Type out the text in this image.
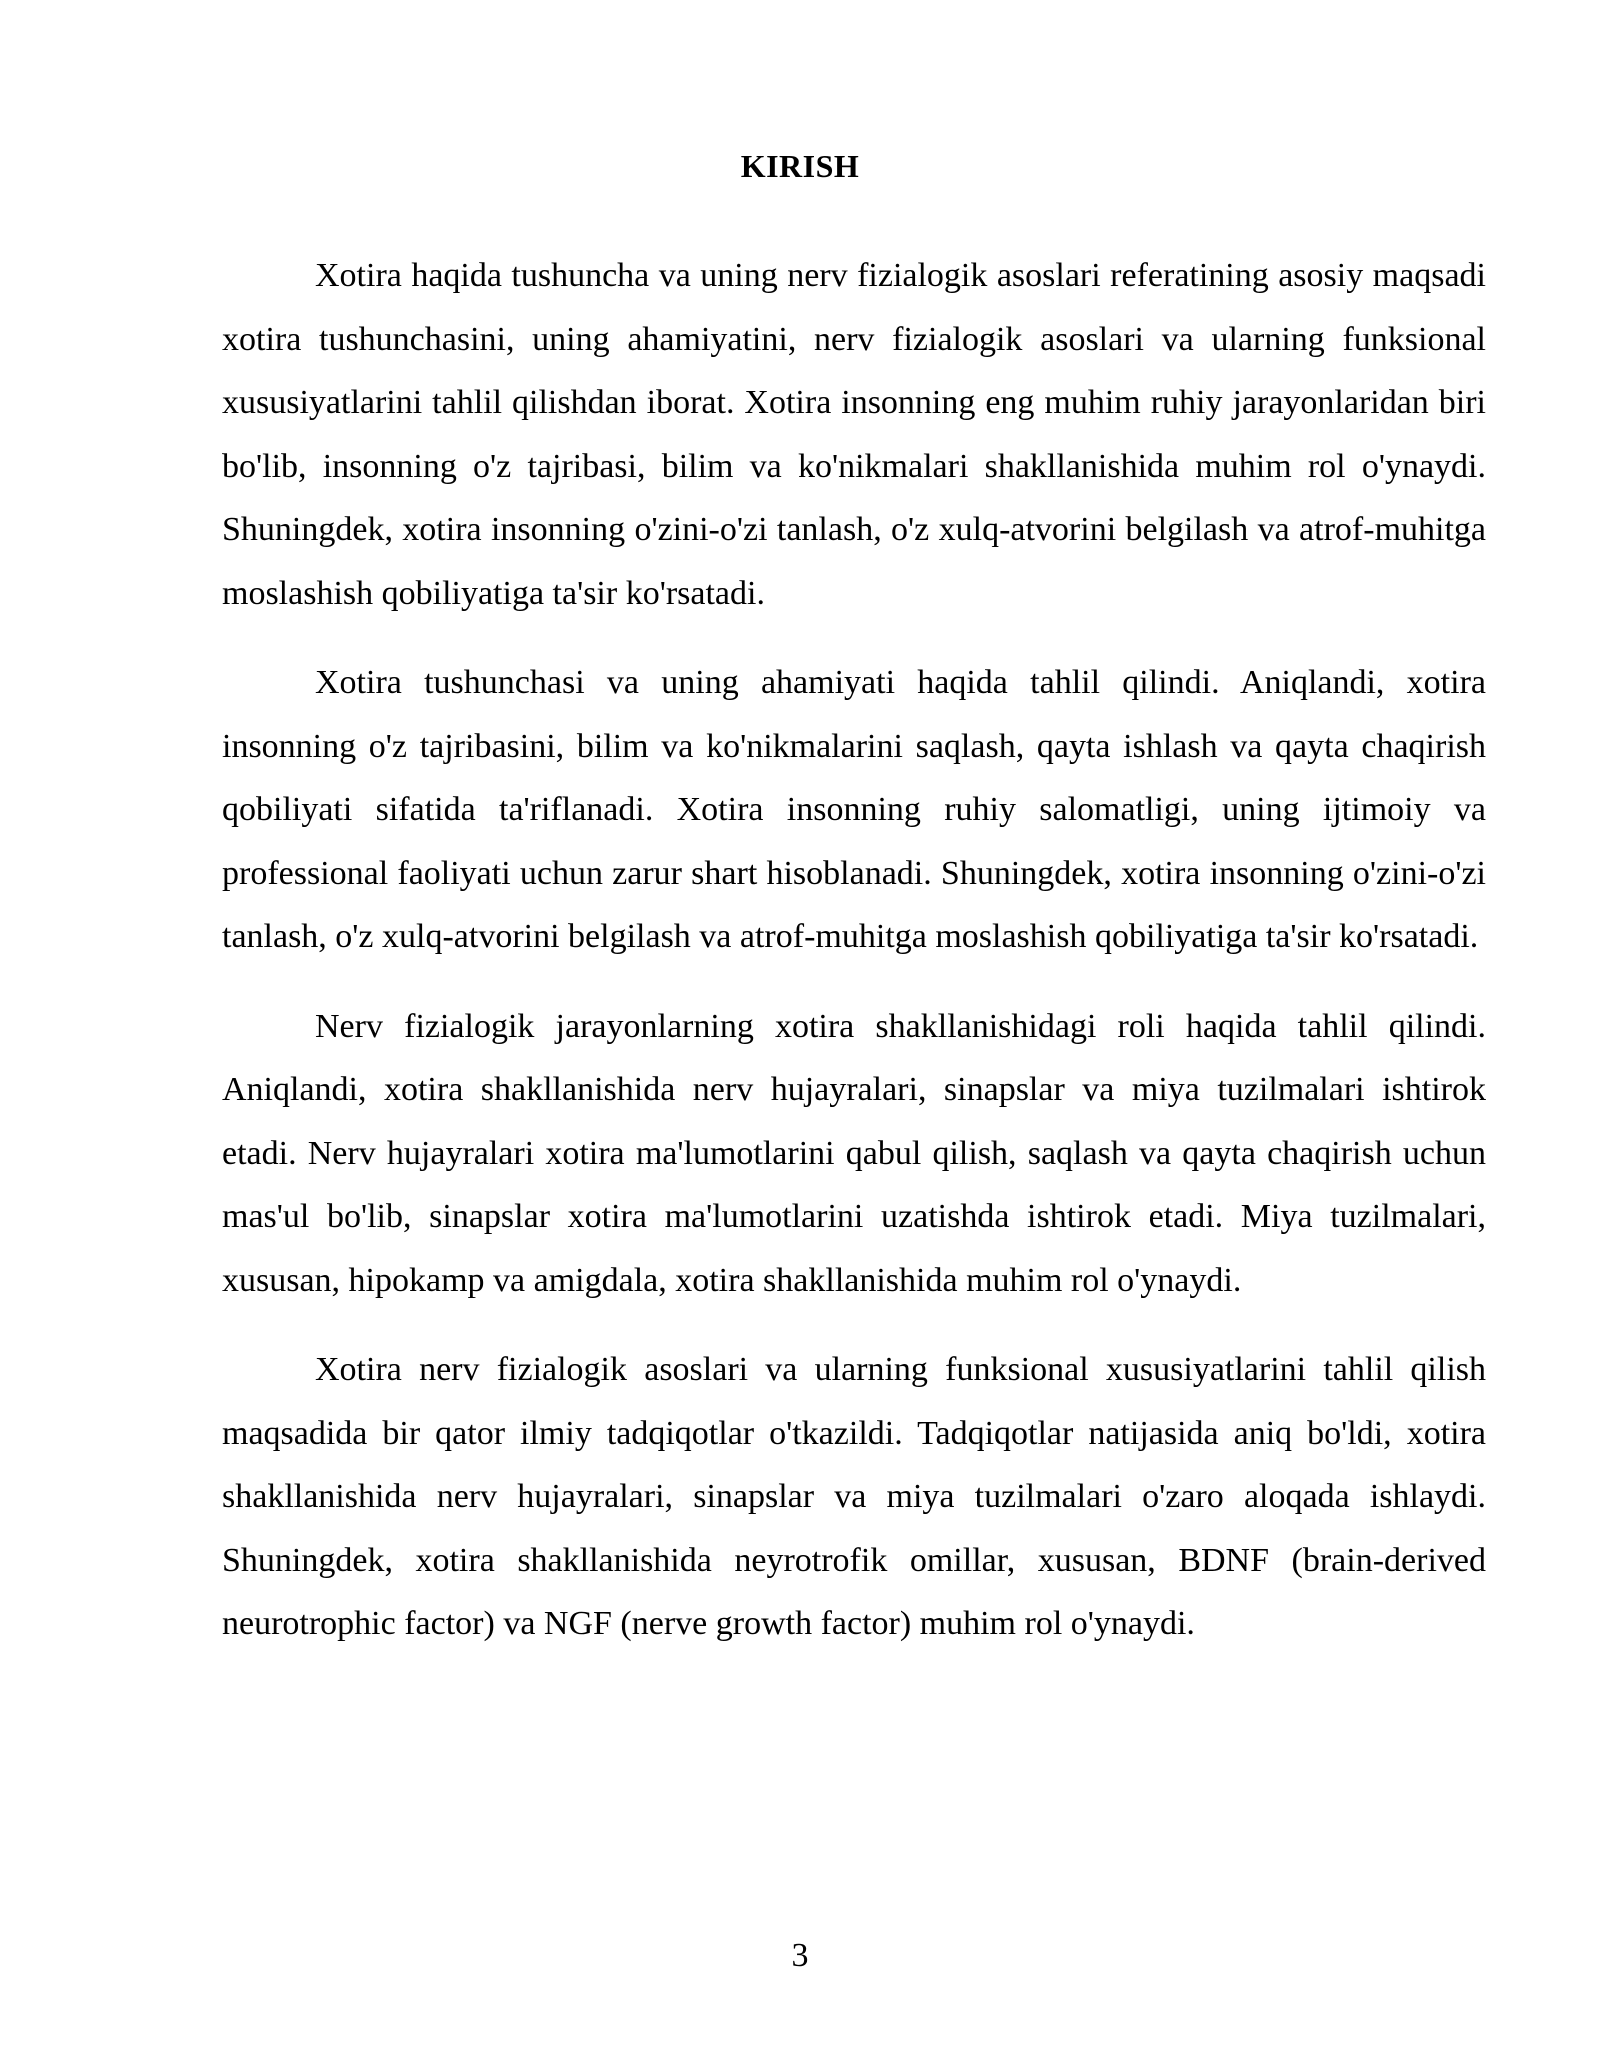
KIRISH

Xotira haqida tushuncha va uning nerv fizialogik asoslari referatining asosiy maqsadi xotira tushunchasini, uning ahamiyatini, nerv fizialogik asoslari va ularning funksional xususiyatlarini tahlil qilishdan iborat. Xotira insonning eng muhim ruhiy jarayonlaridan biri bo'lib, insonning o'z tajribasi, bilim va ko'nikmalari shakllanishida muhim rol o'ynaydi. Shuningdek, xotira insonning o'zini-o'zi tanlash, o'z xulq-atvorini belgilash va atrof-muhitga moslashish qobiliyatiga ta'sir ko'rsatadi.

Xotira tushunchasi va uning ahamiyati haqida tahlil qilindi. Aniqlandi, xotira insonning o'z tajribasini, bilim va ko'nikmalarini saqlash, qayta ishlash va qayta chaqirish qobiliyati sifatida ta'riflanadi. Xotira insonning ruhiy salomatligi, uning ijtimoiy va professional faoliyati uchun zarur shart hisoblanadi. Shuningdek, xotira insonning o'zini-o'zi tanlash, o'z xulq-atvorini belgilash va atrof-muhitga moslashish qobiliyatiga ta'sir ko'rsatadi.

Nerv fizialogik jarayonlarning xotira shakllanishidagi roli haqida tahlil qilindi. Aniqlandi, xotira shakllanishida nerv hujayralari, sinapslar va miya tuzilmalari ishtirok etadi. Nerv hujayralari xotira ma'lumotlarini qabul qilish, saqlash va qayta chaqirish uchun mas'ul bo'lib, sinapslar xotira ma'lumotlarini uzatishda ishtirok etadi. Miya tuzilmalari, xususan, hipokamp va amigdala, xotira shakllanishida muhim rol o'ynaydi.

Xotira nerv fizialogik asoslari va ularning funksional xususiyatlarini tahlil qilish maqsadida bir qator ilmiy tadqiqotlar o'tkazildi. Tadqiqotlar natijasida aniq bo'ldi, xotira shakllanishida nerv hujayralari, sinapslar va miya tuzilmalari o'zaro aloqada ishlaydi. Shuningdek, xotira shakllanishida neyrotrofik omillar, xususan, BDNF (brain-derived neurotrophic factor) va NGF (nerve growth factor) muhim rol o'ynaydi.

3
